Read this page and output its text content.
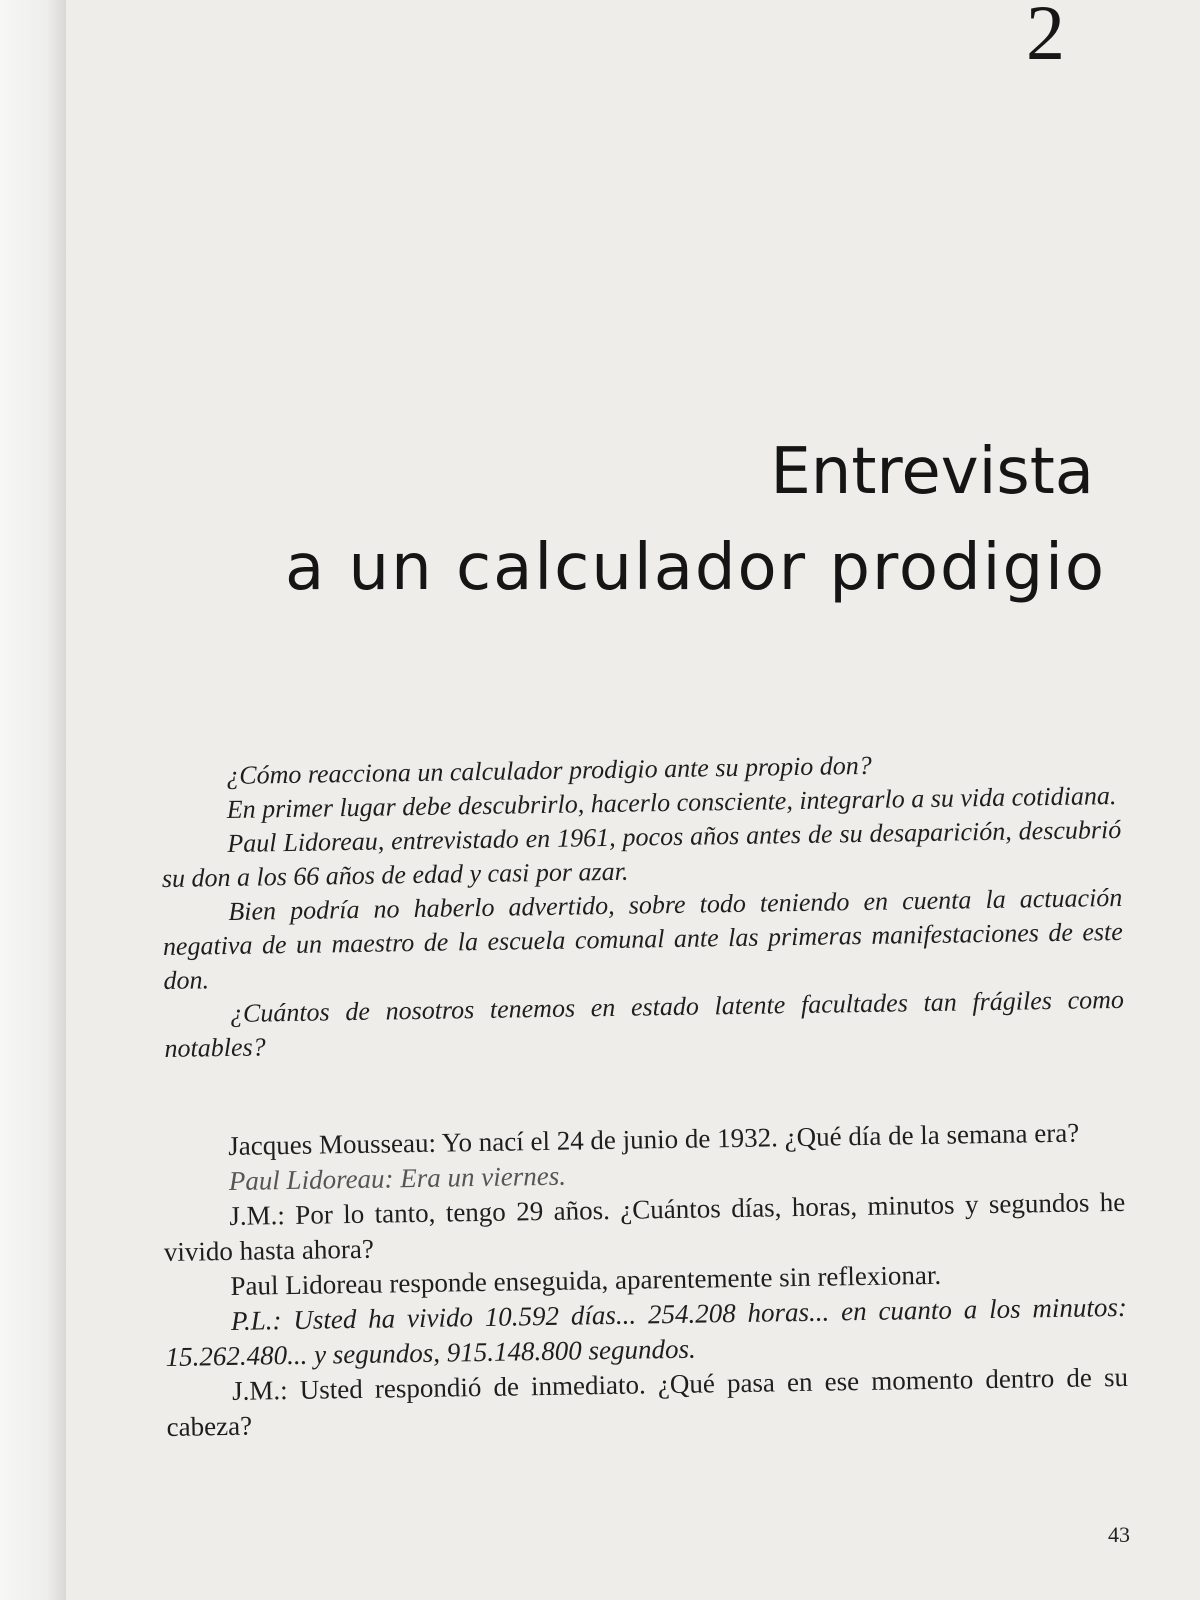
2
Entrevista
a un calculador prodigio

¿Cómo reacciona un calculador prodigio ante su propio don?

En primer lugar debe descubrirlo, hacerlo consciente, integrarlo a su vida cotidiana.

Paul Lidoreau, entrevistado en 1961, pocos años antes de su desaparición, descubrió su don a los 66 años de edad y casi por azar.

Bien podría no haberlo advertido, sobre todo teniendo en cuenta la actuación negativa de un maestro de la escuela comunal ante las primeras manifestaciones de este don.

¿Cuántos de nosotros tenemos en estado latente facultades tan frágiles como notables?

Jacques Mousseau: Yo nací el 24 de junio de 1932. ¿Qué día de la semana era?

Paul Lidoreau: Era un viernes.

J.M.: Por lo tanto, tengo 29 años. ¿Cuántos días, horas, minutos y segundos he vivido hasta ahora?

Paul Lidoreau responde enseguida, aparentemente sin reflexionar.

P.L.: Usted ha vivido 10.592 días... 254.208 horas... en cuanto a los minutos: 15.262.480... y segundos, 915.148.800 segundos.

J.M.: Usted respondió de inmediato. ¿Qué pasa en ese momento dentro de su cabeza?

43
